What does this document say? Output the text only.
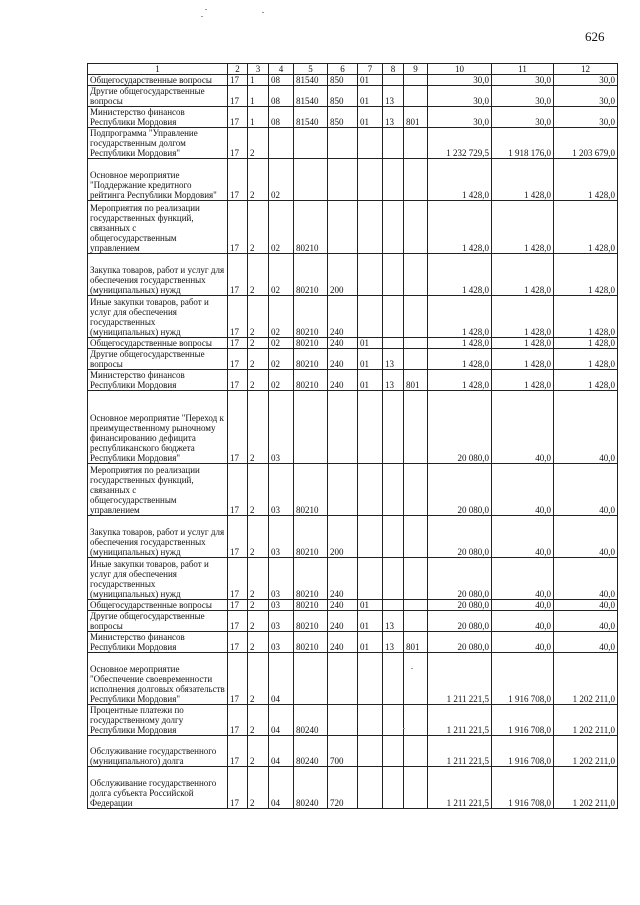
626
1	2	3	4	5	6	7	8	9	10	11	12
Общегосударственные вопросы	17	1	08	81540	850	01			30,0	30,0	30,0
Другие общегосударственные вопросы	17	1	08	81540	850	01	13		30,0	30,0	30,0
Министерство финансов Республики Мордовия	17	1	08	81540	850	01	13	801	30,0	30,0	30,0
Подпрограмма "Управление государственным долгом Республики Мордовия"	17	2							1 232 729,5	1 918 176,0	1 203 679,0
Основное мероприятие "Поддержание кредитного рейтинга Республики Мордовия"	17	2	02						1 428,0	1 428,0	1 428,0
Мероприятия по реализации государственных функций, связанных с общегосударственным управлением	17	2	02	80210					1 428,0	1 428,0	1 428,0
Закупка товаров, работ и услуг для обеспечения государственных (муниципальных) нужд	17	2	02	80210	200				1 428,0	1 428,0	1 428,0
Иные закупки товаров, работ и услуг для обеспечения государственных (муниципальных) нужд	17	2	02	80210	240				1 428,0	1 428,0	1 428,0
Общегосударственные вопросы	17	2	02	80210	240	01			1 428,0	1 428,0	1 428,0
Другие общегосударственные вопросы	17	2	02	80210	240	01	13		1 428,0	1 428,0	1 428,0
Министерство финансов Республики Мордовия	17	2	02	80210	240	01	13	801	1 428,0	1 428,0	1 428,0
Основное мероприятие "Переход к преимущественному рыночному финансированию дефицита республиканского бюджета Республики Мордовия"	17	2	03						20 080,0	40,0	40,0
Мероприятия по реализации государственных функций, связанных с общегосударственным управлением	17	2	03	80210					20 080,0	40,0	40,0
Закупка товаров, работ и услуг для обеспечения государственных (муниципальных) нужд	17	2	03	80210	200				20 080,0	40,0	40,0
Иные закупки товаров, работ и услуг для обеспечения государственных (муниципальных) нужд	17	2	03	80210	240				20 080,0	40,0	40,0
Общегосударственные вопросы	17	2	03	80210	240	01			20 080,0	40,0	40,0
Другие общегосударственные вопросы	17	2	03	80210	240	01	13		20 080,0	40,0	40,0
Министерство финансов Республики Мордовия	17	2	03	80210	240	01	13	801	20 080,0	40,0	40,0
Основное мероприятие "Обеспечение своевременности исполнения долговых обязательств Республики Мордовия"	17	2	04						1 211 221,5	1 916 708,0	1 202 211,0
Процентные платежи по государственному долгу Республики Мордовия	17	2	04	80240					1 211 221,5	1 916 708,0	1 202 211,0
Обслуживание государственного (муниципального) долга	17	2	04	80240	700				1 211 221,5	1 916 708,0	1 202 211,0
Обслуживание государственного долга субъекта Российской Федерации	17	2	04	80240	720				1 211 221,5	1 916 708,0	1 202 211,0
